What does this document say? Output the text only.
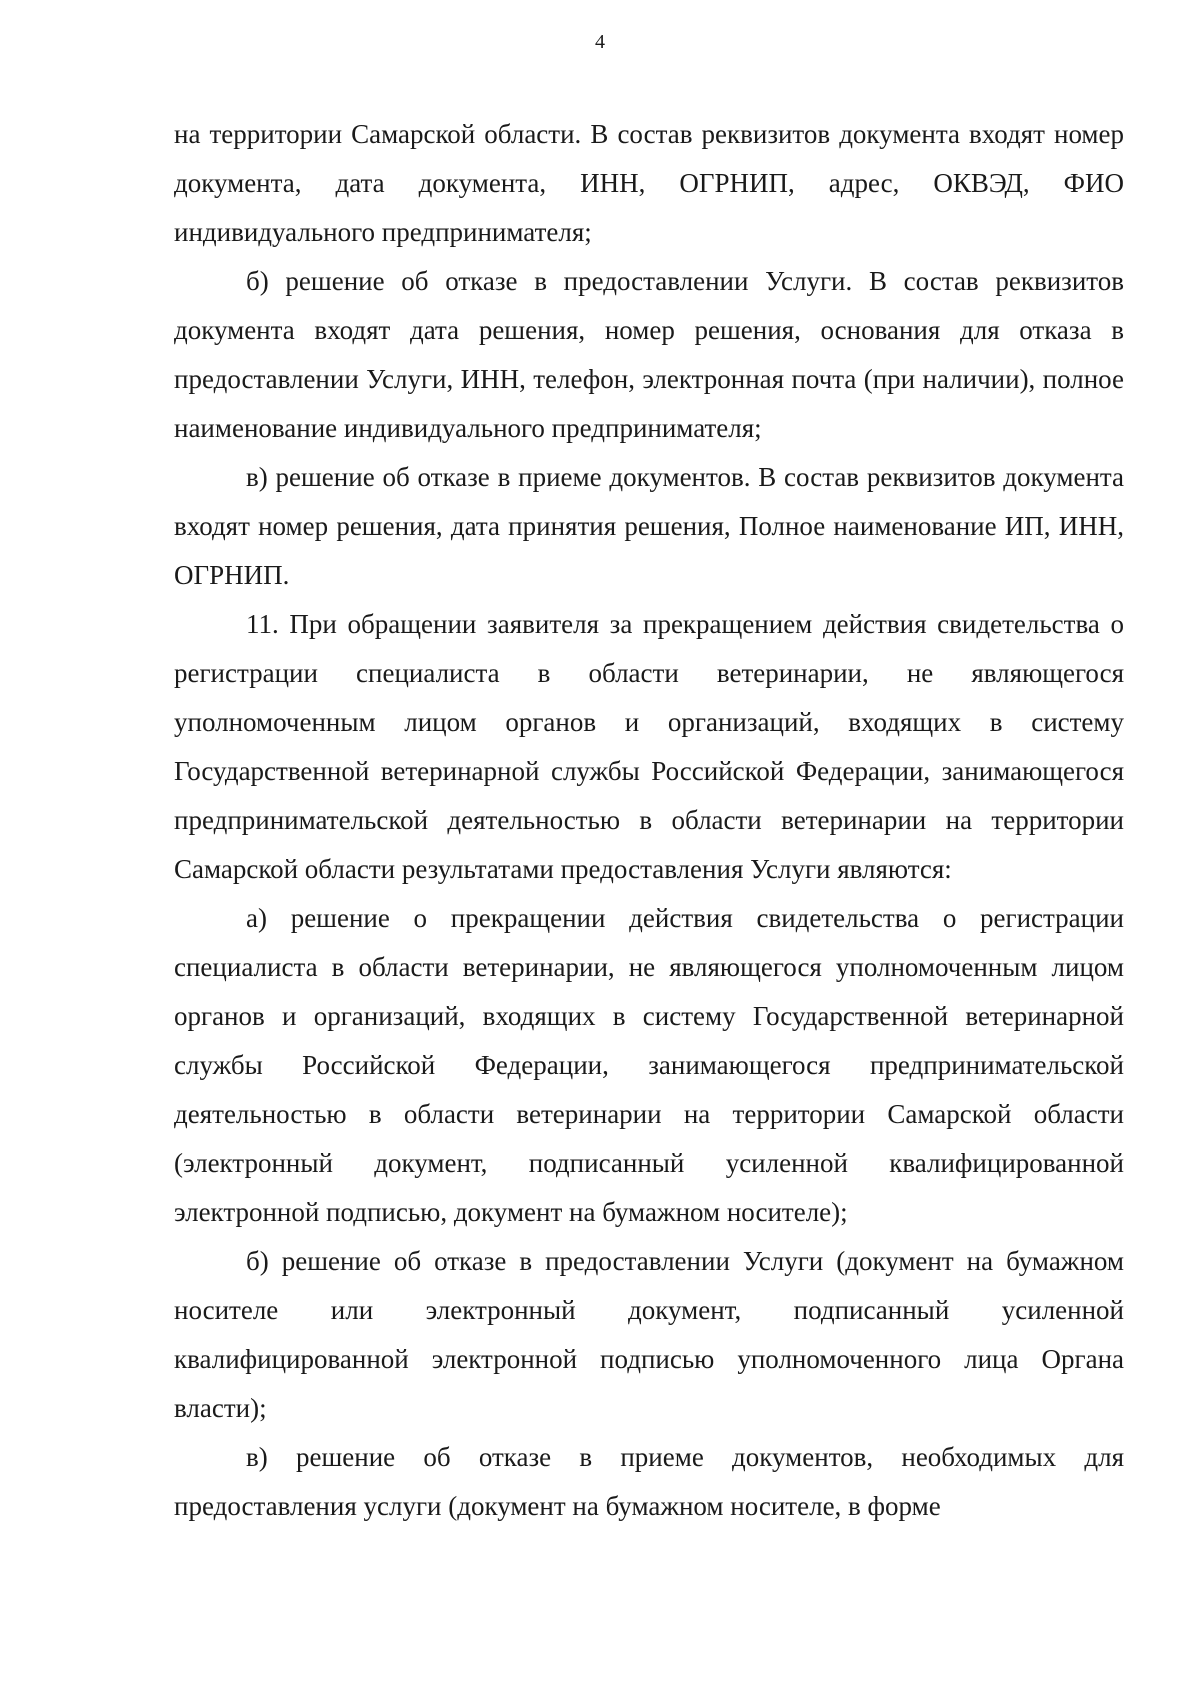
4

на территории Самарской области. В состав реквизитов документа входят номер документа, дата документа, ИНН, ОГРНИП, адрес, ОКВЭД, ФИО индивидуального предпринимателя;

б) решение об отказе в предоставлении Услуги. В состав реквизитов документа входят дата решения, номер решения, основания для отказа в предоставлении Услуги, ИНН, телефон, электронная почта (при наличии), полное наименование индивидуального предпринимателя;

в) решение об отказе в приеме документов. В состав реквизитов документа входят номер решения, дата принятия решения, Полное наименование ИП, ИНН, ОГРНИП.

11. При обращении заявителя за прекращением действия свидетельства о регистрации специалиста в области ветеринарии, не являющегося уполномоченным лицом органов и организаций, входящих в систему Государственной ветеринарной службы Российской Федерации, занимающегося предпринимательской деятельностью в области ветеринарии на территории Самарской области результатами предоставления Услуги являются:

а) решение о прекращении действия свидетельства о регистрации специалиста в области ветеринарии, не являющегося уполномоченным лицом органов и организаций, входящих в систему Государственной ветеринарной службы Российской Федерации, занимающегося предпринимательской деятельностью в области ветеринарии на территории Самарской области (электронный документ, подписанный усиленной квалифицированной электронной подписью, документ на бумажном носителе);

б) решение об отказе в предоставлении Услуги (документ на бумажном носителе или электронный документ, подписанный усиленной квалифицированной электронной подписью уполномоченного лица Органа власти);

в) решение об отказе в приеме документов, необходимых для предоставления услуги (документ на бумажном носителе, в форме
